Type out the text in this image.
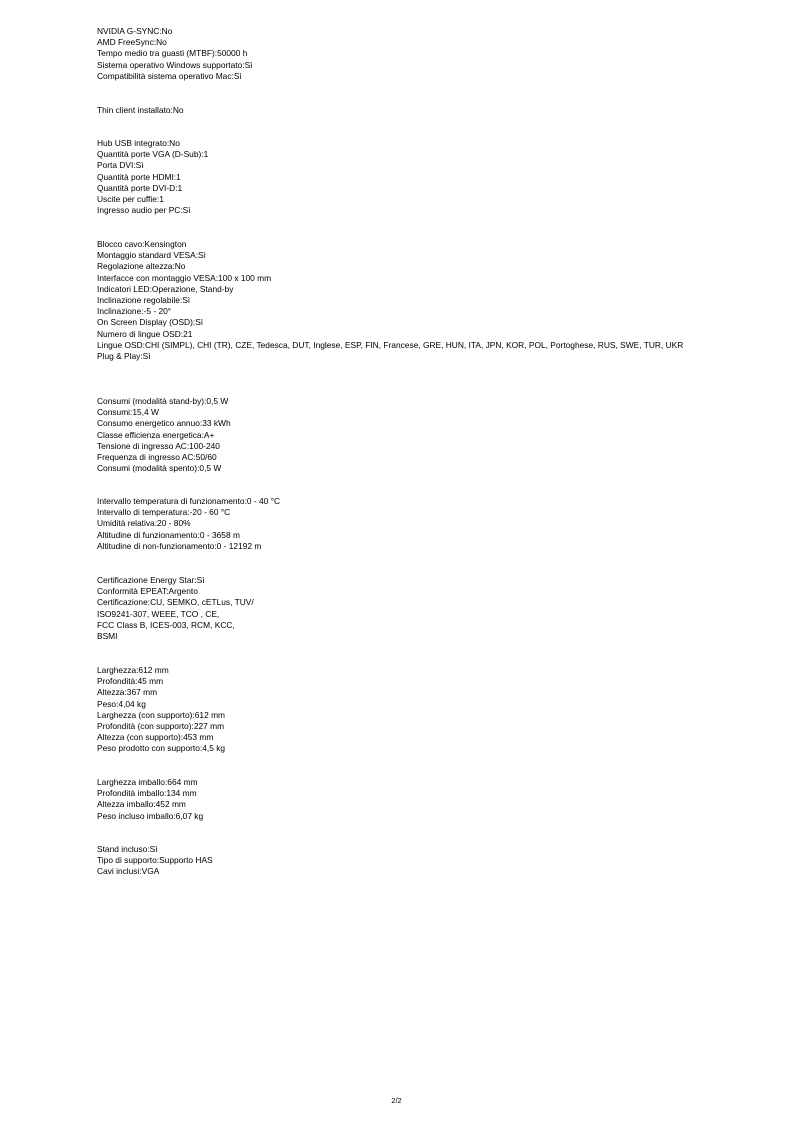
NVIDIA G-SYNC:No
AMD FreeSync:No
Tempo medio tra guasti (MTBF):50000 h
Sistema operativo Windows supportato:Sì
Compatibilità sistema operativo Mac:Sì
Thin client installato:No
Hub USB integrato:No
Quantità porte VGA (D-Sub):1
Porta DVI:Sì
Quantità porte HDMI:1
Quantità porte DVI-D:1
Uscite per cuffie:1
Ingresso audio per PC:Sì
Blocco cavo:Kensington
Montaggio standard VESA:Sì
Regolazione altezza:No
Interfacce con montaggio VESA:100 x 100 mm
Indicatori LED:Operazione, Stand-by
Inclinazione regolabile:Sì
Inclinazione:-5 - 20°
On Screen Display (OSD):Sì
Numero di lingue OSD:21
Lingue OSD:CHI (SIMPL), CHI (TR), CZE, Tedesca, DUT, Inglese, ESP, FIN, Francese, GRE, HUN, ITA, JPN, KOR, POL, Portoghese, RUS, SWE, TUR, UKR
Plug & Play:Sì
Consumi (modalità stand-by):0,5 W
Consumi:15,4 W
Consumo energetico annuo:33 kWh
Classe efficienza energetica:A+
Tensione di ingresso AC:100-240
Frequenza di ingresso AC:50/60
Consumi (modalità spento):0,5 W
Intervallo temperatura di funzionamento:0 - 40 °C
Intervallo di temperatura:-20 - 60 °C
Umidità relativa:20 - 80%
Altitudine di funzionamento:0 - 3658 m
Altitudine di non-funzionamento:0 - 12192 m
Certificazione Energy Star:Sì
Conformità EPEAT:Argento
Certificazione:CU, SEMKO, cETLus, TUV/
ISO9241-307, WEEE, TCO , CE,
FCC Class B, ICES-003, RCM, KCC,
BSMI
Larghezza:612 mm
Profondità:45 mm
Altezza:367 mm
Peso:4,04 kg
Larghezza (con supporto):612 mm
Profondità (con supporto):227 mm
Altezza (con supporto):453 mm
Peso prodotto con supporto:4,5 kg
Larghezza imballo:664 mm
Profondità imballo:134 mm
Altezza imballo:452 mm
Peso incluso imballo:6,07 kg
Stand incluso:Sì
Tipo di supporto:Supporto HAS
Cavi inclusi:VGA
2/2
